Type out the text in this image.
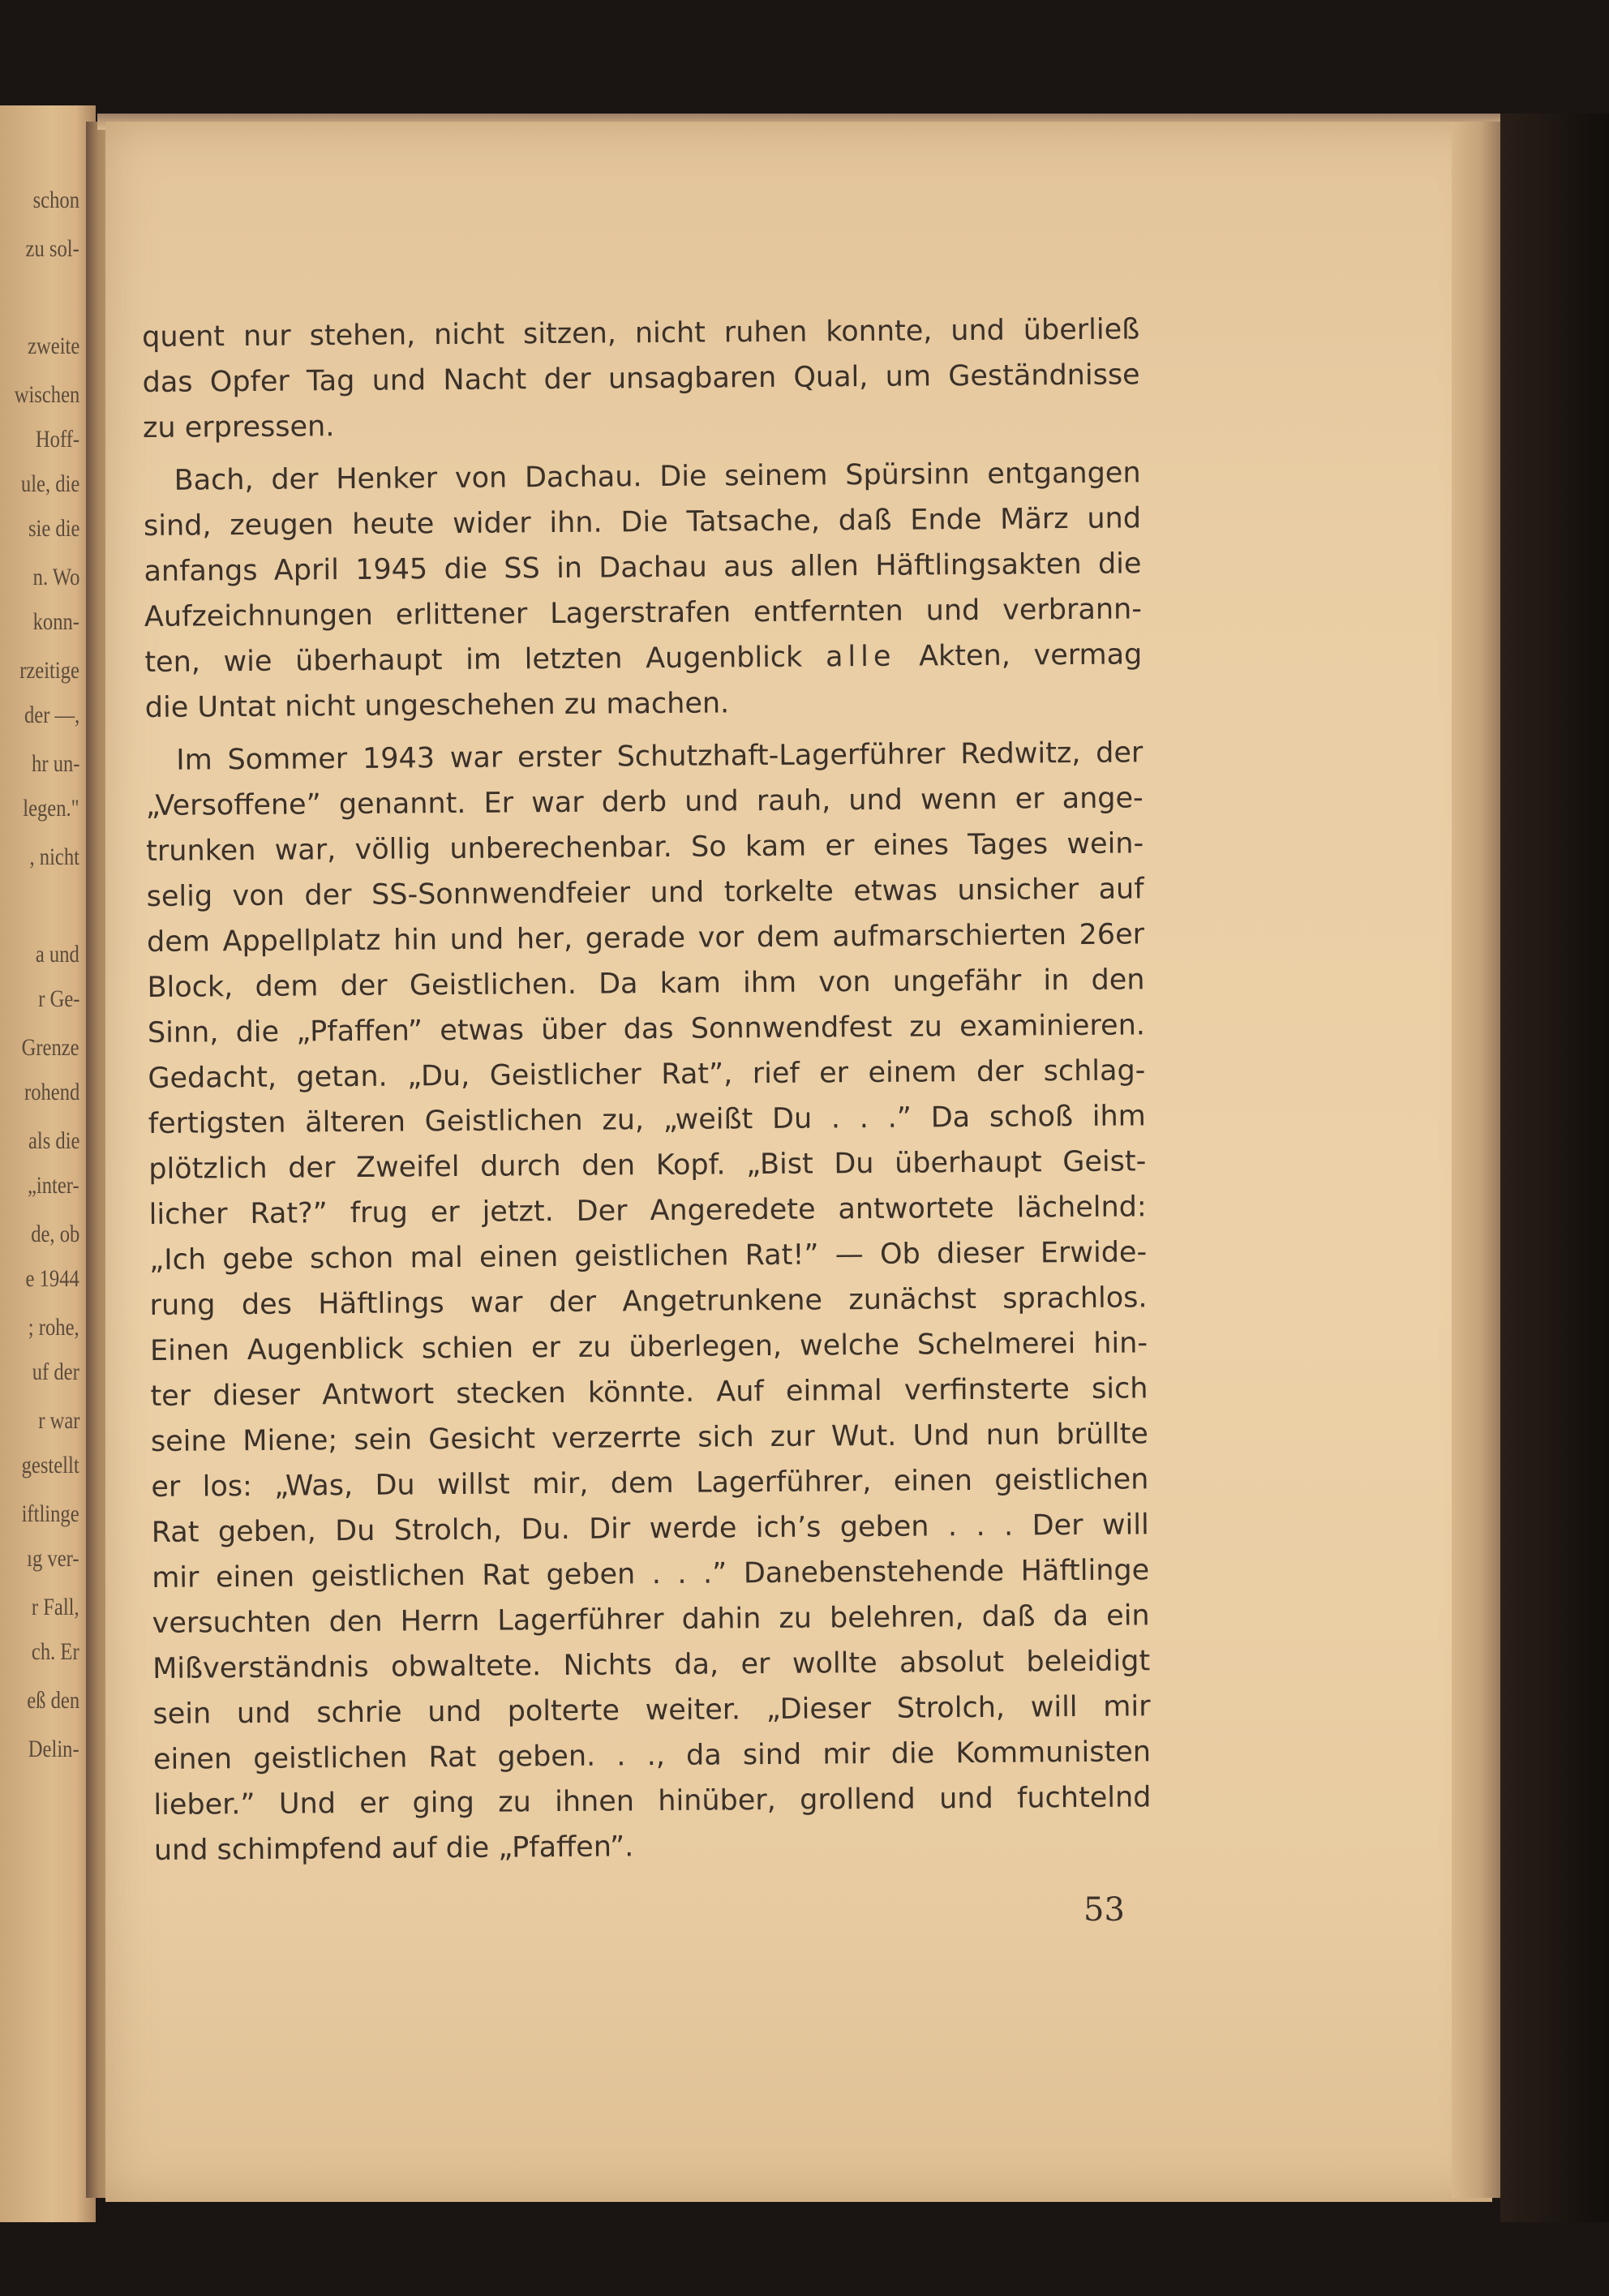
schon
zu sol-
zweite
wischen
Hoff-
ule, die
sie die
n. Wo
konn-
rzeitige
der —,
hr un-
legen."
, nicht
a und
r Ge-
Grenze
rohend
als die
„inter-
de, ob
e 1944
; rohe,
uf der
r war
gestellt
iftlinge
ıg ver-
r Fall,
ch. Er
eß den
Delin-
quent nur stehen, nicht sitzen, nicht ruhen konnte, und überließ
das Opfer Tag und Nacht der unsagbaren Qual, um Geständnisse
zu erpressen.
Bach, der Henker von Dachau. Die seinem Spürsinn entgangen
sind, zeugen heute wider ihn. Die Tatsache, daß Ende März und
anfangs April 1945 die SS in Dachau aus allen Häftlingsakten die
Aufzeichnungen erlittener Lagerstrafen entfernten und verbrann-
ten, wie überhaupt im letzten Augenblick alle Akten, vermag
die Untat nicht ungeschehen zu machen.
Im Sommer 1943 war erster Schutzhaft-Lagerführer Redwitz, der
„Versoffene” genannt. Er war derb und rauh, und wenn er ange-
trunken war, völlig unberechenbar. So kam er eines Tages wein-
selig von der SS-Sonnwendfeier und torkelte etwas unsicher auf
dem Appellplatz hin und her, gerade vor dem aufmarschierten 26er
Block, dem der Geistlichen. Da kam ihm von ungefähr in den
Sinn, die „Pfaffen” etwas über das Sonnwendfest zu examinieren.
Gedacht, getan. „Du, Geistlicher Rat”, rief er einem der schlag-
fertigsten älteren Geistlichen zu, „weißt Du . . .” Da schoß ihm
plötzlich der Zweifel durch den Kopf. „Bist Du überhaupt Geist-
licher Rat?” frug er jetzt. Der Angeredete antwortete lächelnd:
„Ich gebe schon mal einen geistlichen Rat!” — Ob dieser Erwide-
rung des Häftlings war der Angetrunkene zunächst sprachlos.
Einen Augenblick schien er zu überlegen, welche Schelmerei hin-
ter dieser Antwort stecken könnte. Auf einmal verfinsterte sich
seine Miene; sein Gesicht verzerrte sich zur Wut. Und nun brüllte
er los: „Was, Du willst mir, dem Lagerführer, einen geistlichen
Rat geben, Du Strolch, Du. Dir werde ich’s geben . . . Der will
mir einen geistlichen Rat geben . . .” Danebenstehende Häftlinge
versuchten den Herrn Lagerführer dahin zu belehren, daß da ein
Mißverständnis obwaltete. Nichts da, er wollte absolut beleidigt
sein und schrie und polterte weiter. „Dieser Strolch, will mir
einen geistlichen Rat geben. . ., da sind mir die Kommunisten
lieber.” Und er ging zu ihnen hinüber, grollend und fuchtelnd
und schimpfend auf die „Pfaffen”.
53
